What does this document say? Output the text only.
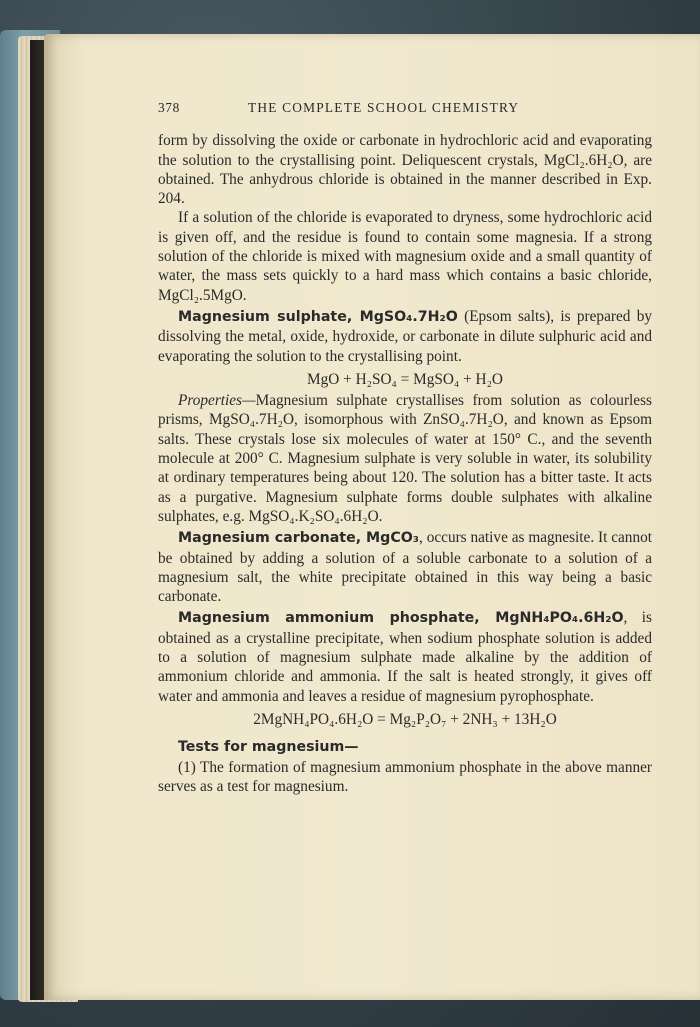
378	THE COMPLETE SCHOOL CHEMISTRY

form by dissolving the oxide or carbonate in hydrochloric acid and evaporating the solution to the crystallising point. Deliquescent crystals, MgCl₂.6H₂O, are obtained. The anhydrous chloride is obtained in the manner described in Exp. 204.

If a solution of the chloride is evaporated to dryness, some hydrochloric acid is given off, and the residue is found to contain some magnesia. If a strong solution of the chloride is mixed with magnesium oxide and a small quantity of water, the mass sets quickly to a hard mass which contains a basic chloride, MgCl₂.5MgO.

Magnesium sulphate, MgSO₄.7H₂O (Epsom salts), is prepared by dissolving the metal, oxide, hydroxide, or carbonate in dilute sulphuric acid and evaporating the solution to the crystallising point.

MgO + H₂SO₄ = MgSO₄ + H₂O

Properties—Magnesium sulphate crystallises from solution as colourless prisms, MgSO₄.7H₂O, isomorphous with ZnSO₄.7H₂O, and known as Epsom salts. These crystals lose six molecules of water at 150° C., and the seventh molecule at 200° C. Magnesium sulphate is very soluble in water, its solubility at ordinary temperatures being about 120. The solution has a bitter taste. It acts as a purgative. Magnesium sulphate forms double sulphates with alkaline sulphates, e.g. MgSO₄.K₂SO₄.6H₂O.

Magnesium carbonate, MgCO₃, occurs native as magnesite. It cannot be obtained by adding a solution of a soluble carbonate to a solution of a magnesium salt, the white precipitate obtained in this way being a basic carbonate.

Magnesium ammonium phosphate, MgNH₄PO₄.6H₂O, is obtained as a crystalline precipitate, when sodium phosphate solution is added to a solution of magnesium sulphate made alkaline by the addition of ammonium chloride and ammonia. If the salt is heated strongly, it gives off water and ammonia and leaves a residue of magnesium pyrophosphate.

2MgNH₄PO₄.6H₂O = Mg₂P₂O₇ + 2NH₃ + 13H₂O

Tests for magnesium—

(1) The formation of magnesium ammonium phosphate in the above manner serves as a test for magnesium.
